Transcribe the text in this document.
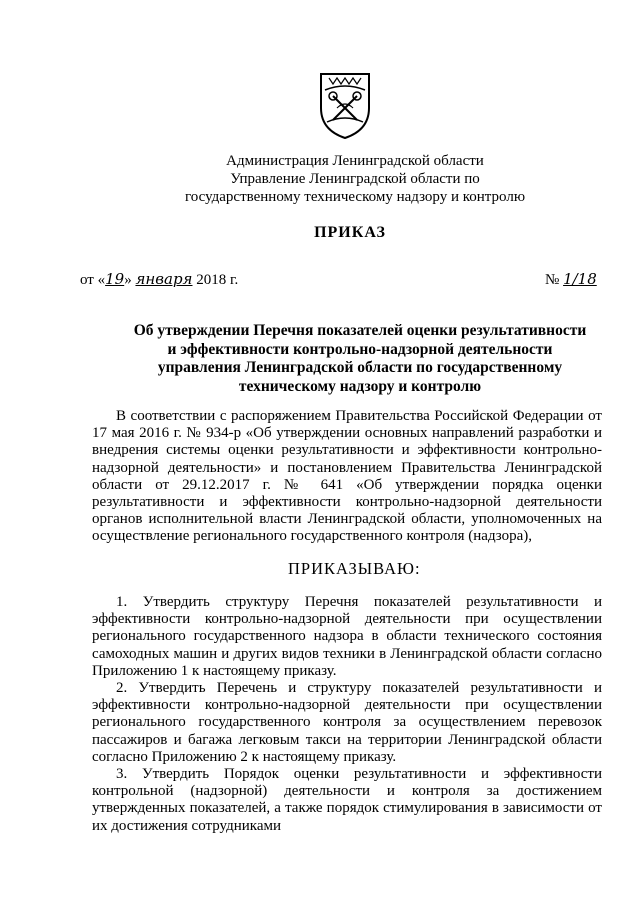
Администрация Ленинградской области
Управление Ленинградской области по
государственному техническому надзору и контролю
ПРИКАЗ
от «19» января 2018 г.	№ 1/18
Об утверждении Перечня показателей оценки результативности
и эффективности контрольно-надзорной деятельности
управления Ленинградской области по государственному
техническому надзору и контролю

В соответствии с распоряжением Правительства Российской Федерации от 17 мая 2016 г. № 934-р «Об утверждении основных направлений разработки и внедрения системы оценки результативности и эффективности контрольно-надзорной деятельности» и постановлением Правительства Ленинградской области от 29.12.2017 г. № 641 «Об утверждении порядка оценки результативности и эффективности контрольно-надзорной деятельности органов исполнительной власти Ленинградской области, уполномоченных на осуществление регионального государственного контроля (надзора),

ПРИКАЗЫВАЮ:

1. Утвердить структуру Перечня показателей результативности и эффективности контрольно-надзорной деятельности при осуществлении регионального государственного надзора в области технического состояния самоходных машин и других видов техники в Ленинградской области согласно Приложению 1 к настоящему приказу.

2. Утвердить Перечень и структуру показателей результативности и эффективности контрольно-надзорной деятельности при осуществлении регионального государственного контроля за осуществлением перевозок пассажиров и багажа легковым такси на территории Ленинградской области согласно Приложению 2 к настоящему приказу.

3. Утвердить Порядок оценки результативности и эффективности контрольной (надзорной) деятельности и контроля за достижением утвержденных показателей, а также порядок стимулирования в зависимости от их достижения сотрудниками
